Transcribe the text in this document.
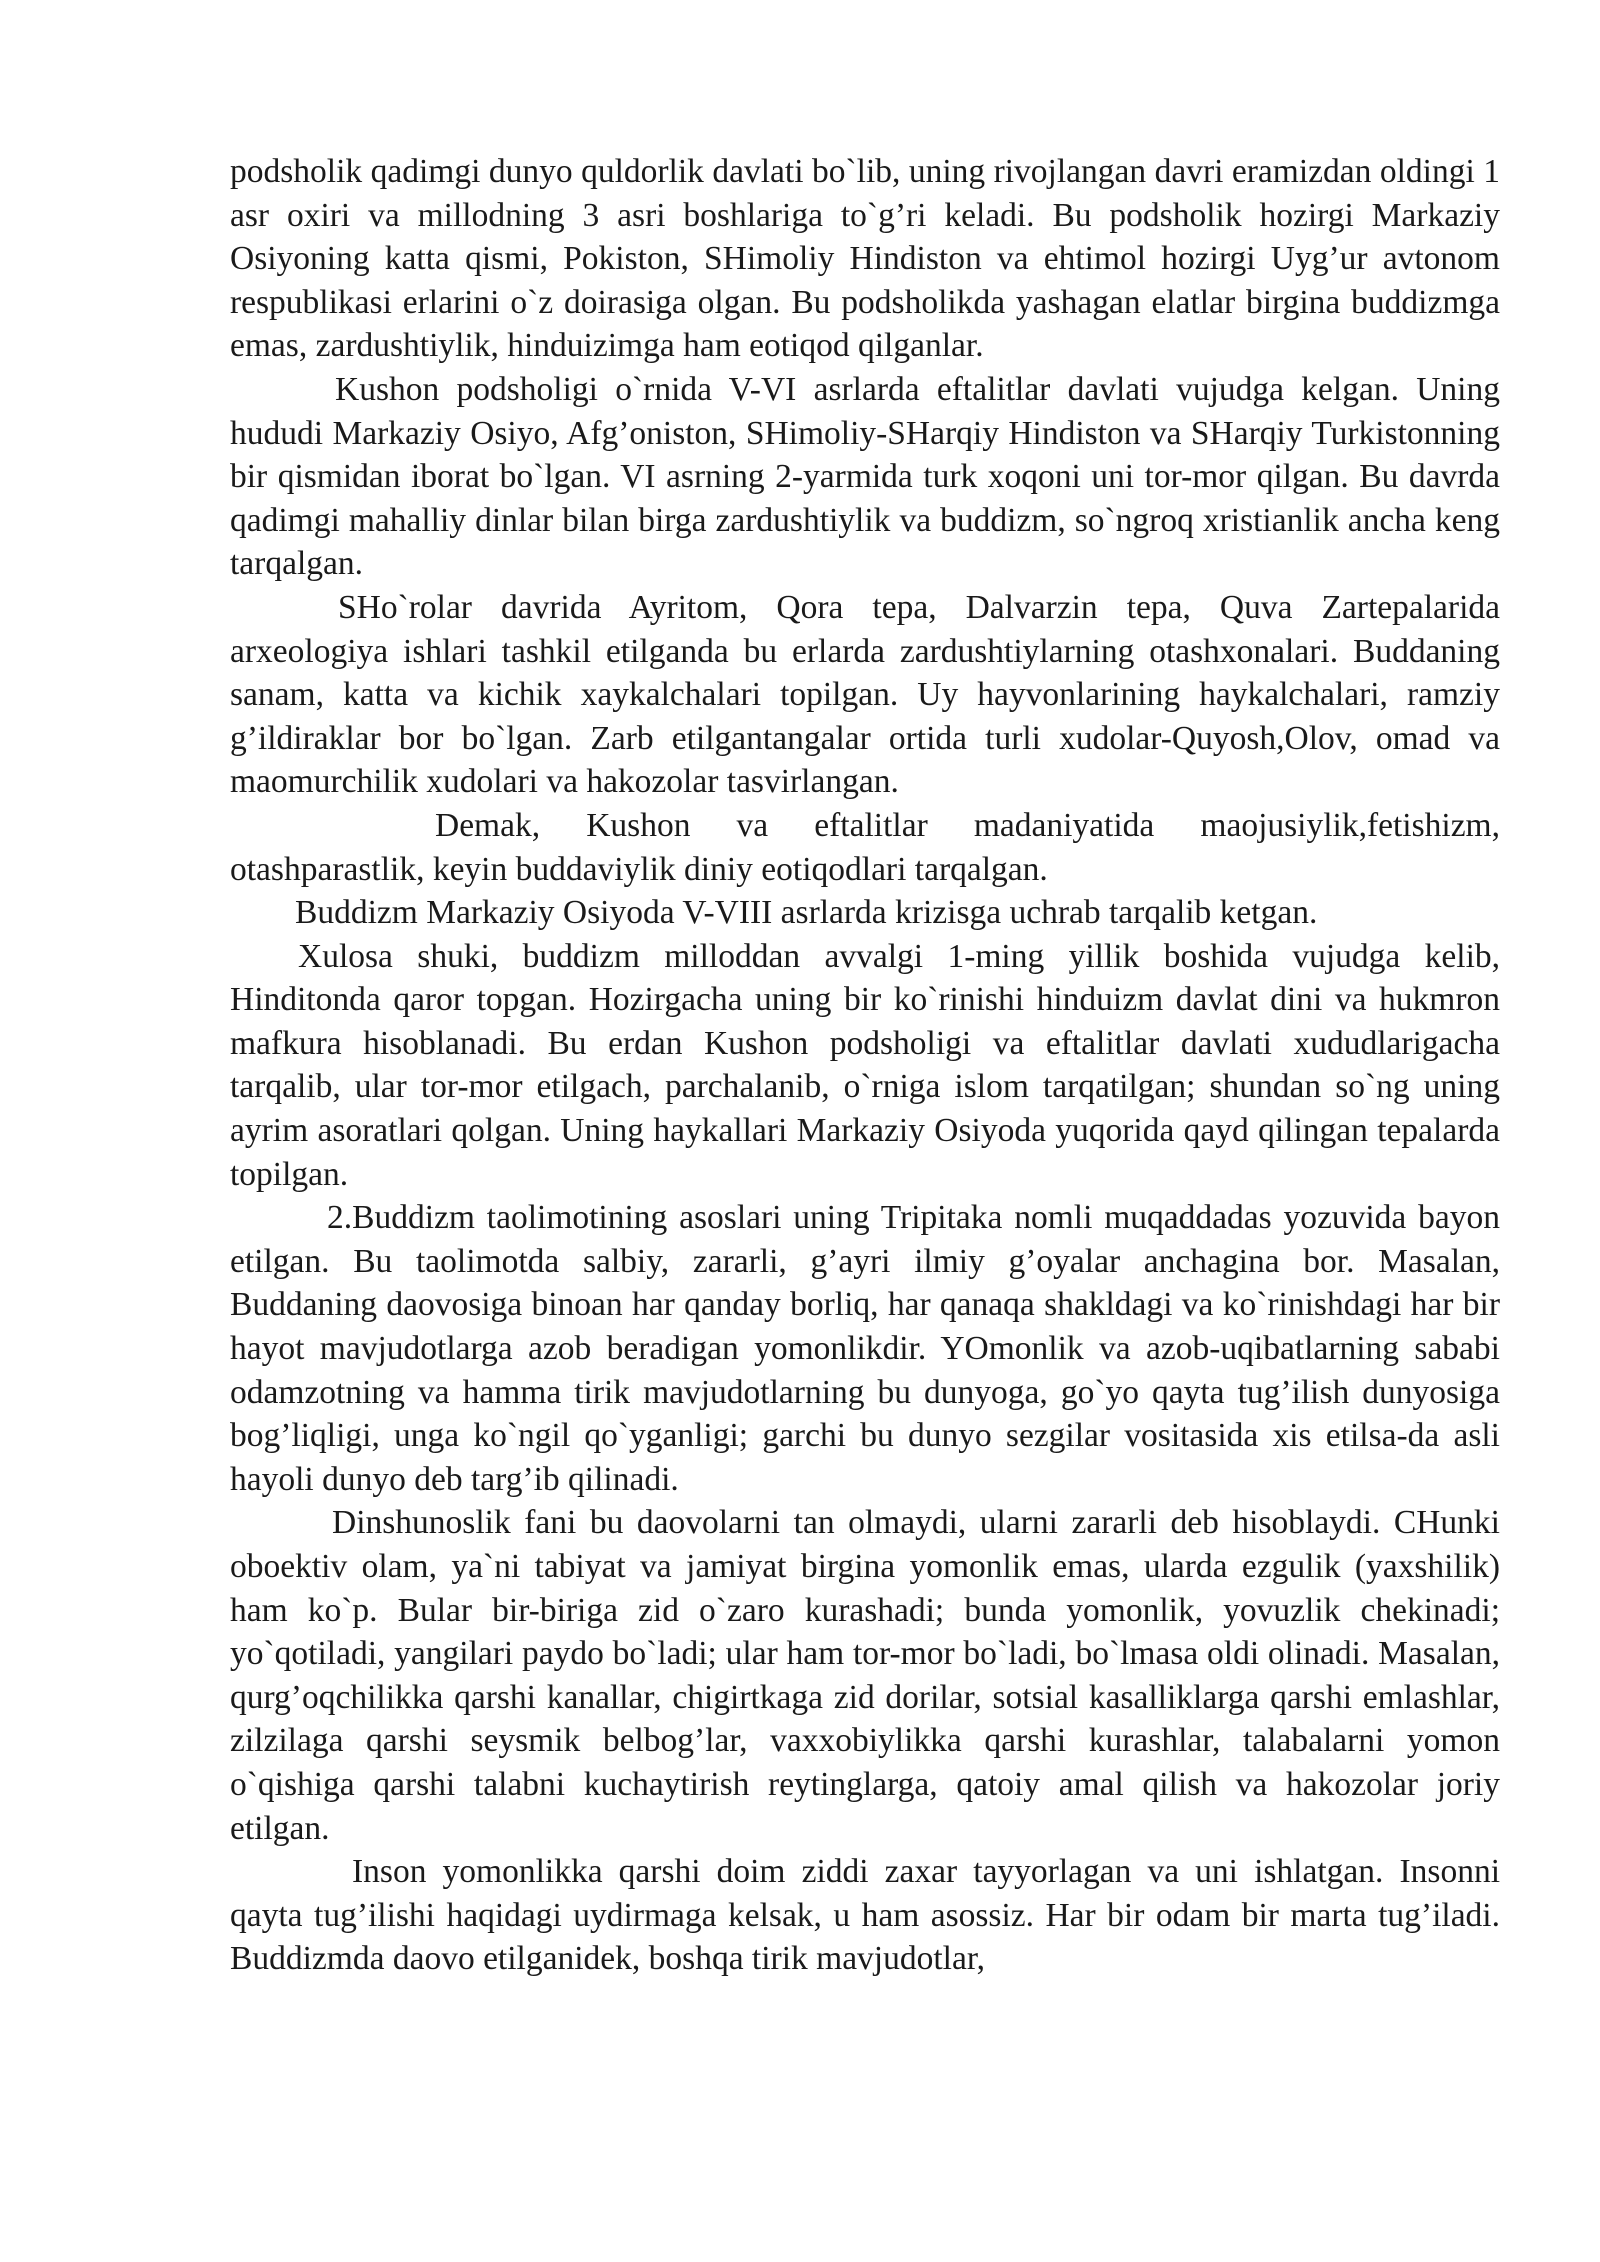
podsholik qadimgi dunyo quldorlik davlati bo`lib, uning rivojlangan davri eramizdan oldingi 1 asr oxiri va millodning 3 asri boshlariga to`g’ri keladi. Bu podsholik hozirgi Markaziy Osiyoning katta qismi, Pokiston, SHimoliy Hindiston va ehtimol hozirgi Uyg’ur avtonom respublikasi erlarini o`z doirasiga olgan. Bu podsholikda yashagan elatlar birgina buddizmga emas, zardushtiylik, hinduizimga ham eotiqod qilganlar.

Kushon podsholigi o`rnida V-VI asrlarda eftalitlar davlati vujudga kelgan. Uning hududi Markaziy Osiyo, Afg’oniston, SHimoliy-SHarqiy Hindiston va SHarqiy Turkistonning bir qismidan iborat bo`lgan. VI asrning 2-yarmida turk xoqoni uni tor-mor qilgan. Bu davrda qadimgi mahalliy dinlar bilan birga zardushtiylik va buddizm, so`ngroq xristianlik ancha keng tarqalgan.

SHo`rolar davrida Ayritom, Qora tepa, Dalvarzin tepa, Quva Zartepalarida arxeologiya ishlari tashkil etilganda bu erlarda zardushtiylarning otashxonalari. Buddaning sanam, katta va kichik xaykalchalari topilgan. Uy hayvonlarining haykalchalari, ramziy g’ildiraklar bor bo`lgan. Zarb etilgantangalar ortida turli xudolar-Quyosh,Olov, omad va maomurchilik xudolari va hakozolar tasvirlangan.

Demak, Kushon va eftalitlar madaniyatida maojusiylik,fetishizm, otashparastlik, keyin buddaviylik diniy eotiqodlari tarqalgan.

Buddizm Markaziy Osiyoda V-VIII asrlarda krizisga uchrab tarqalib ketgan.

Xulosa shuki, buddizm milloddan avvalgi 1-ming yillik boshida vujudga kelib, Hinditonda qaror topgan. Hozirgacha uning bir ko`rinishi hinduizm davlat dini va hukmron mafkura hisoblanadi. Bu erdan Kushon podsholigi va eftalitlar davlati xududlarigacha tarqalib, ular tor-mor etilgach, parchalanib, o`rniga islom tarqatilgan; shundan so`ng uning ayrim asoratlari qolgan. Uning haykallari Markaziy Osiyoda yuqorida qayd qilingan tepalarda topilgan.

2.Buddizm taolimotining asoslari uning Tripitaka nomli muqaddadas yozuvida bayon etilgan. Bu taolimotda salbiy, zararli, g’ayri ilmiy g’oyalar anchagina bor. Masalan, Buddaning daovosiga binoan har qanday borliq, har qanaqa shakldagi va ko`rinishdagi har bir hayot mavjudotlarga azob beradigan yomonlikdir. YOmonlik va azob-uqibatlarning sababi odamzotning va hamma tirik mavjudotlarning bu dunyoga, go`yo qayta tug’ilish dunyosiga bog’liqligi, unga ko`ngil qo`yganligi; garchi bu dunyo sezgilar vositasida xis etilsa-da asli hayoli dunyo deb targ’ib qilinadi.

Dinshunoslik fani bu daovolarni tan olmaydi, ularni zararli deb hisoblaydi. CHunki oboektiv olam, ya`ni tabiyat va jamiyat birgina yomonlik emas, ularda ezgulik (yaxshilik) ham ko`p. Bular bir-biriga zid o`zaro kurashadi; bunda yomonlik, yovuzlik chekinadi; yo`qotiladi, yangilari paydo bo`ladi; ular ham tor-mor bo`ladi, bo`lmasa oldi olinadi. Masalan, qurg’oqchilikka qarshi kanallar, chigirtkaga zid dorilar, sotsial kasalliklarga qarshi emlashlar, zilzilaga qarshi seysmik belbog’lar, vaxxobiylikka qarshi kurashlar, talabalarni yomon o`qishiga qarshi talabni kuchaytirish reytinglarga, qatoiy amal qilish va hakozolar joriy etilgan.

Inson yomonlikka qarshi doim ziddi zaxar tayyorlagan va uni ishlatgan. Insonni qayta tug’ilishi haqidagi uydirmaga kelsak, u ham asossiz. Har bir odam bir marta tug’iladi. Buddizmda daovo etilganidek, boshqa tirik mavjudotlar,
